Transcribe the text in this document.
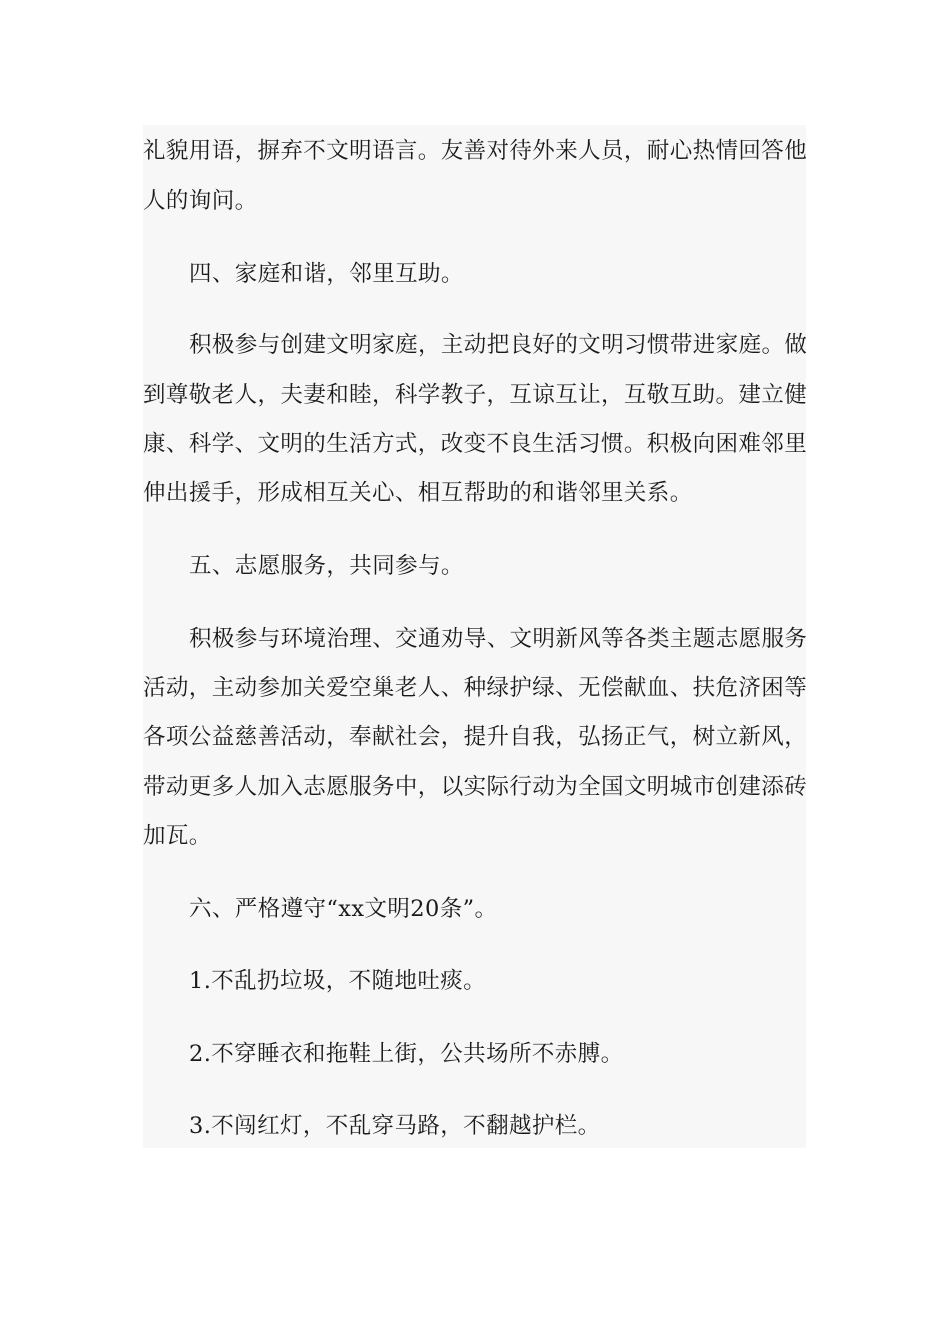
礼貌用语，摒弃不文明语言。友善对待外来人员，耐心热情回答他
人的询问。
四、家庭和谐，邻里互助。
积极参与创建文明家庭，主动把良好的文明习惯带进家庭。做
到尊敬老人，夫妻和睦，科学教子，互谅互让，互敬互助。建立健
康、科学、文明的生活方式，改变不良生活习惯。积极向困难邻里
伸出援手，形成相互关心、相互帮助的和谐邻里关系。
五、志愿服务，共同参与。
积极参与环境治理、交通劝导、文明新风等各类主题志愿服务
活动，主动参加关爱空巢老人、种绿护绿、无偿献血、扶危济困等
各项公益慈善活动，奉献社会，提升自我，弘扬正气，树立新风，
带动更多人加入志愿服务中，以实际行动为全国文明城市创建添砖
加瓦。
六、严格遵守“xx文明20条”。
1.不乱扔垃圾，不随地吐痰。
2.不穿睡衣和拖鞋上街，公共场所不赤膊。
3.不闯红灯，不乱穿马路，不翻越护栏。
